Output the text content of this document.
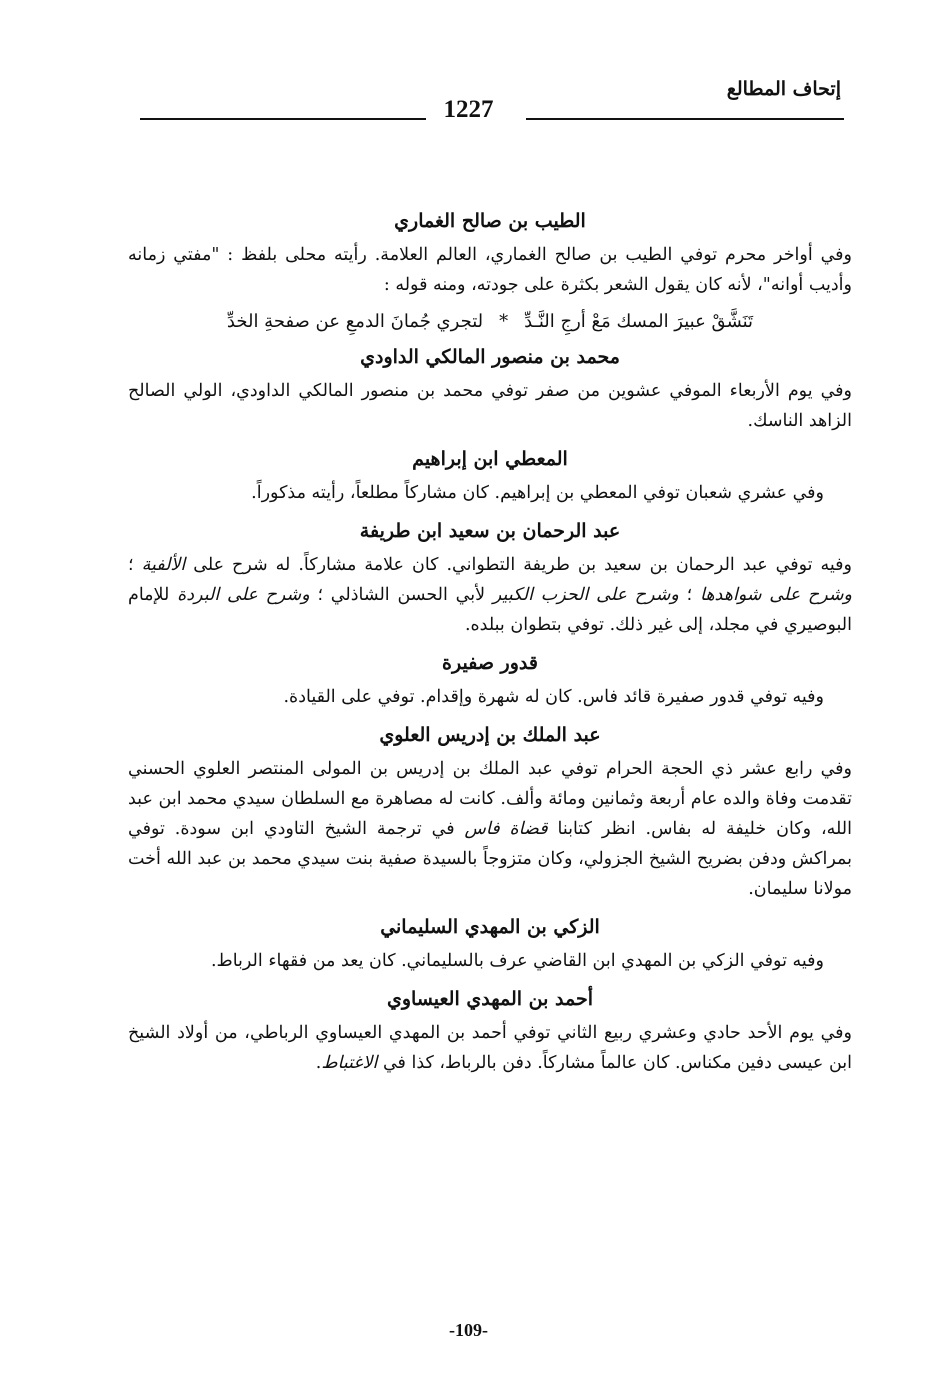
إتحاف المطالع
1227
الطيب بن صالح الغماري

وفي أواخر محرم توفي الطيب بن صالح الغماري، العالم العلامة. رأيته محلى بلفظ : "مفتي زمانه وأديب أوانه"، لأنه كان يقول الشعر بكثرة على جودته، ومنه قوله :

تَنَشَّقْ عبيرَ المسك مَعْ أرجِ النَّـدِّ*لتجري جُمانَ الدمعِ عن صفحةِ الخدِّ
محمد بن منصور المالكي الداودي

وفي يوم الأربعاء الموفي عشوين من صفر توفي محمد بن منصور المالكي الداودي، الولي الصالح الزاهد الناسك.

المعطي ابن إبراهيم

وفي عشري شعبان توفي المعطي بن إبراهيم. كان مشاركاً مطلعاً، رأيته مذكوراً.

عبد الرحمان بن سعيد ابن طريفة

وفيه توفي عبد الرحمان بن سعيد بن طريفة التطواني. كان علامة مشاركاً. له شرح على الألفية ؛ وشرح على شواهدها ؛ وشرح على الحزب الكبير لأبي الحسن الشاذلي ؛ وشرح على البردة للإمام البوصيري في مجلد، إلى غير ذلك. توفي بتطوان ببلده.

قدور صفيرة

وفيه توفي قدور صفيرة قائد فاس. كان له شهرة وإقدام. توفي على القيادة.

عبد الملك بن إدريس العلوي

وفي رابع عشر ذي الحجة الحرام توفي عبد الملك بن إدريس بن المولى المنتصر العلوي الحسني تقدمت وفاة والده عام أربعة وثمانين ومائة وألف. كانت له مصاهرة مع السلطان سيدي محمد ابن عبد الله، وكان خليفة له بفاس. انظر كتابنا قضاة فاس في ترجمة الشيخ التاودي ابن سودة. توفي بمراكش ودفن بضريح الشيخ الجزولي، وكان متزوجاً بالسيدة صفية بنت سيدي محمد بن عبد الله أخت مولانا سليمان.

الزكي بن المهدي السليماني

وفيه توفي الزكي بن المهدي ابن القاضي عرف بالسليماني. كان يعد من فقهاء الرباط.

أحمد بن المهدي العيساوي

وفي يوم الأحد حادي وعشري ربيع الثاني توفي أحمد بن المهدي العيساوي الرباطي، من أولاد الشيخ ابن عيسى دفين مكناس. كان عالماً مشاركاً. دفن بالرباط، كذا في الاغتباط.

-109-
